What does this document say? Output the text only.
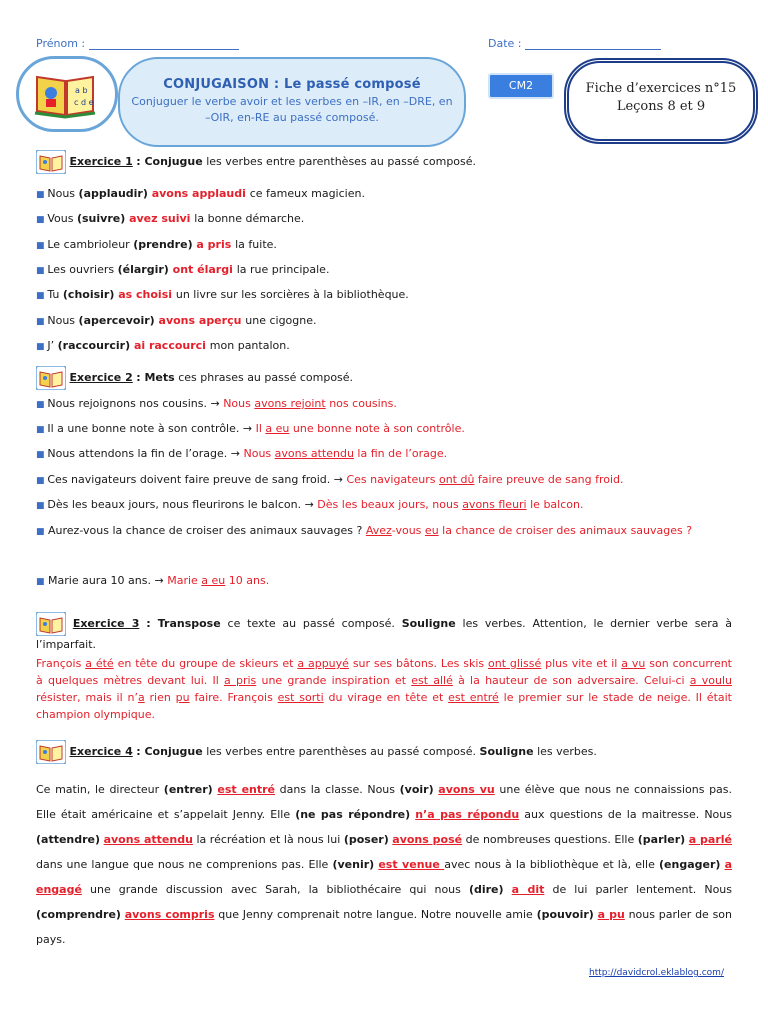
Prénom :	Date :
a b
c d e
CONJUGAISON : Le passé composé
Conjuguer le verbe avoir et les verbes en –IR, en –DRE, en –OIR, en-RE au passé composé.
CM2	Fiche d’exercices n°15
Leçons 8 et 9
Exercice 1 : Conjugue les verbes entre parenthèses au passé composé.
■ Nous (applaudir) avons applaudi ce fameux magicien.
■ Vous (suivre) avez suivi la bonne démarche.
■ Le cambrioleur (prendre) a pris la fuite.
■ Les ouvriers (élargir) ont élargi la rue principale.
■ Tu (choisir) as choisi un livre sur les sorcières à la bibliothèque.
■ Nous (apercevoir) avons aperçu une cigogne.
■ J’ (raccourcir) ai raccourci mon pantalon.
Exercice 2 : Mets ces phrases au passé composé.
■ Nous rejoignons nos cousins. → Nous avons rejoint nos cousins.
■ Il a une bonne note à son contrôle. → Il a eu une bonne note à son contrôle.
■ Nous attendons la fin de l’orage. → Nous avons attendu la fin de l’orage.
■ Ces navigateurs doivent faire preuve de sang froid. → Ces navigateurs ont dû faire preuve de sang froid.
■ Dès les beaux jours, nous fleurirons le balcon. → Dès les beaux jours, nous avons fleuri le balcon.
■ Aurez-vous la chance de croiser des animaux sauvages ? Avez-vous eu la chance de croiser des animaux sauvages ?
■ Marie aura 10 ans. → Marie a eu 10 ans.
Exercice 3 : Transpose ce texte au passé composé. Souligne les verbes. Attention, le dernier verbe sera à l’imparfait.
François a été en tête du groupe de skieurs et a appuyé sur ses bâtons. Les skis ont glissé plus vite et il a vu son concurrent à quelques mètres devant lui. Il a pris une grande inspiration et est allé à la hauteur de son adversaire. Celui-ci a voulu résister, mais il n’a rien pu faire. François est sorti du virage en tête et est entré le premier sur le stade de neige. Il était champion olympique.
Exercice 4 : Conjugue les verbes entre parenthèses au passé composé. Souligne les verbes.
Ce matin, le directeur (entrer) est entré dans la classe. Nous (voir) avons vu une élève que nous ne connaissions pas. Elle était américaine et s’appelait Jenny. Elle (ne pas répondre) n’a pas répondu aux questions de la maitresse. Nous (attendre) avons attendu la récréation et là nous lui (poser) avons posé de nombreuses questions. Elle (parler) a parlé dans une langue que nous ne comprenions pas. Elle (venir) est venue avec nous à la bibliothèque et là, elle (engager) a engagé une grande discussion avec Sarah, la bibliothécaire qui nous (dire) a dit de lui parler lentement. Nous (comprendre) avons compris que Jenny comprenait notre langue. Notre nouvelle amie (pouvoir) a pu nous parler de son pays.
http://davidcrol.eklablog.com/
